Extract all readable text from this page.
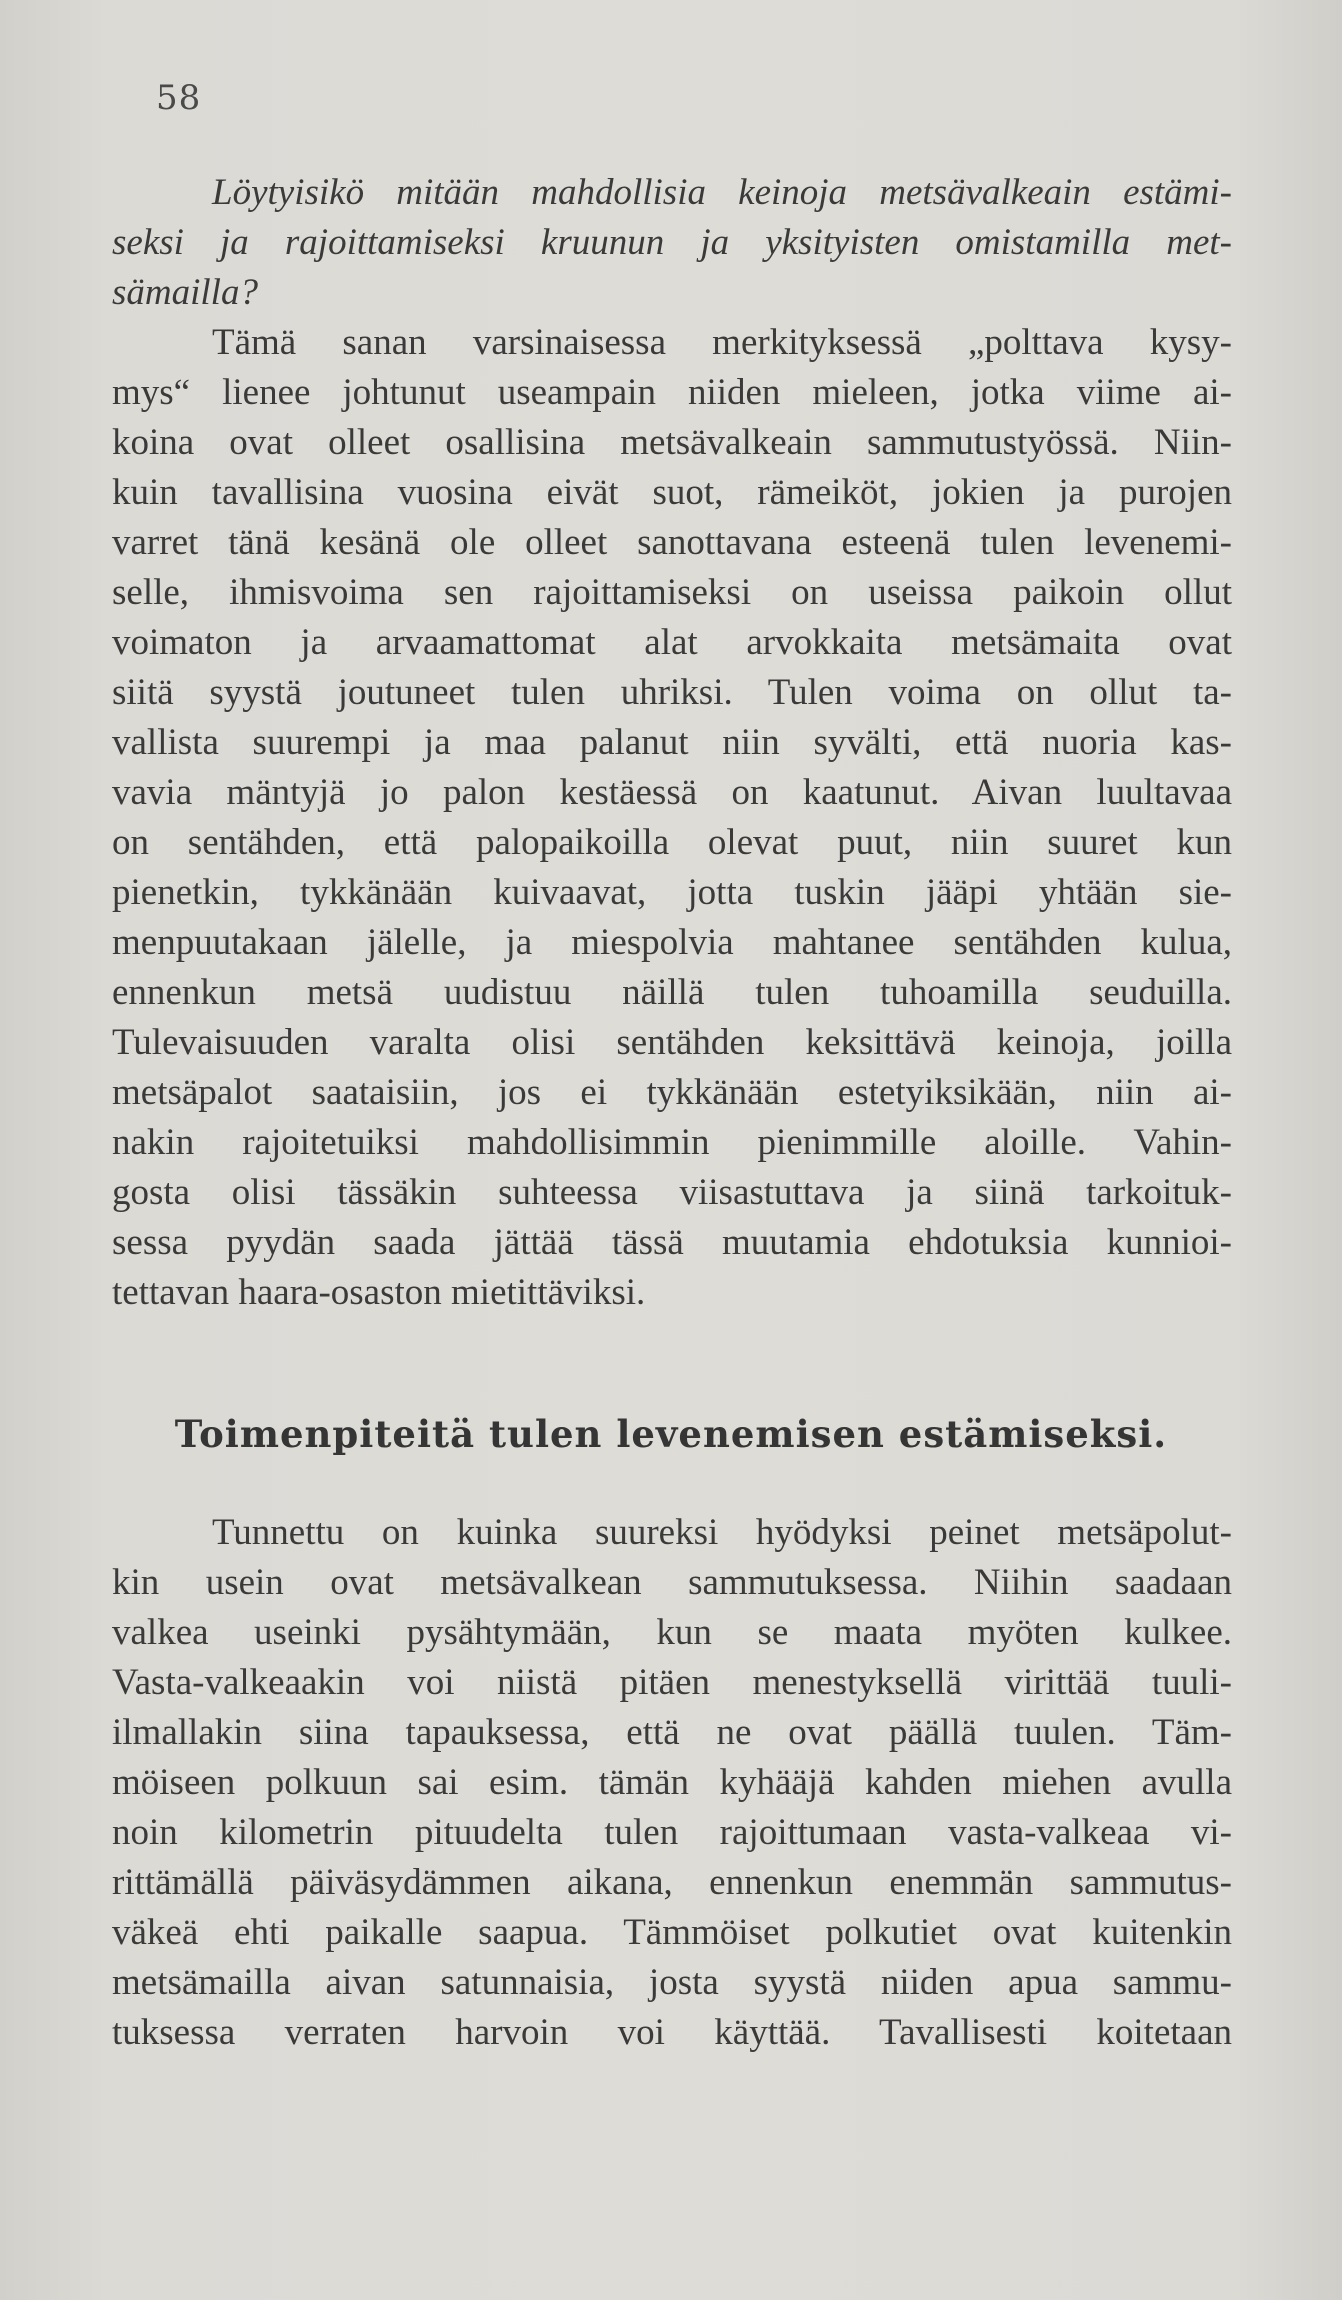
58
Löytyisikö mitään mahdollisia keinoja metsävalkeain estämi-
seksi ja rajoittamiseksi kruunun ja yksityisten omistamilla met-
sämailla?
Tämä sanan varsinaisessa merkityksessä „polttava kysy-
mys“ lienee johtunut useampain niiden mieleen, jotka viime ai-
koina ovat olleet osallisina metsävalkeain sammutustyössä. Niin-
kuin tavallisina vuosina eivät suot, rämeiköt, jokien ja purojen
varret tänä kesänä ole olleet sanottavana esteenä tulen levenemi-
selle, ihmisvoima sen rajoittamiseksi on useissa paikoin ollut
voimaton ja arvaamattomat alat arvokkaita metsämaita ovat
siitä syystä joutuneet tulen uhriksi. Tulen voima on ollut ta-
vallista suurempi ja maa palanut niin syvälti, että nuoria kas-
vavia mäntyjä jo palon kestäessä on kaatunut. Aivan luultavaa
on sentähden, että palopaikoilla olevat puut, niin suuret kun
pienetkin, tykkänään kuivaavat, jotta tuskin jääpi yhtään sie-
menpuutakaan jälelle, ja miespolvia mahtanee sentähden kulua,
ennenkun metsä uudistuu näillä tulen tuhoamilla seuduilla.
Tulevaisuuden varalta olisi sentähden keksittävä keinoja, joilla
metsäpalot saataisiin, jos ei tykkänään estetyiksikään, niin ai-
nakin rajoitetuiksi mahdollisimmin pienimmille aloille. Vahin-
gosta olisi tässäkin suhteessa viisastuttava ja siinä tarkoituk-
sessa pyydän saada jättää tässä muutamia ehdotuksia kunnioi-
tettavan haara-osaston mietittäviksi.
Toimenpiteitä tulen levenemisen estämiseksi.
Tunnettu on kuinka suureksi hyödyksi peinet metsäpolut-
kin usein ovat metsävalkean sammutuksessa. Niihin saadaan
valkea useinki pysähtymään, kun se maata myöten kulkee.
Vasta-valkeaakin voi niistä pitäen menestyksellä virittää tuuli-
ilmallakin siina tapauksessa, että ne ovat päällä tuulen. Täm-
möiseen polkuun sai esim. tämän kyhääjä kahden miehen avulla
noin kilometrin pituudelta tulen rajoittumaan vasta-valkeaa vi-
rittämällä päiväsydämmen aikana, ennenkun enemmän sammutus-
väkeä ehti paikalle saapua. Tämmöiset polkutiet ovat kuitenkin
metsämailla aivan satunnaisia, josta syystä niiden apua sammu-
tuksessa verraten harvoin voi käyttää. Tavallisesti koitetaan
